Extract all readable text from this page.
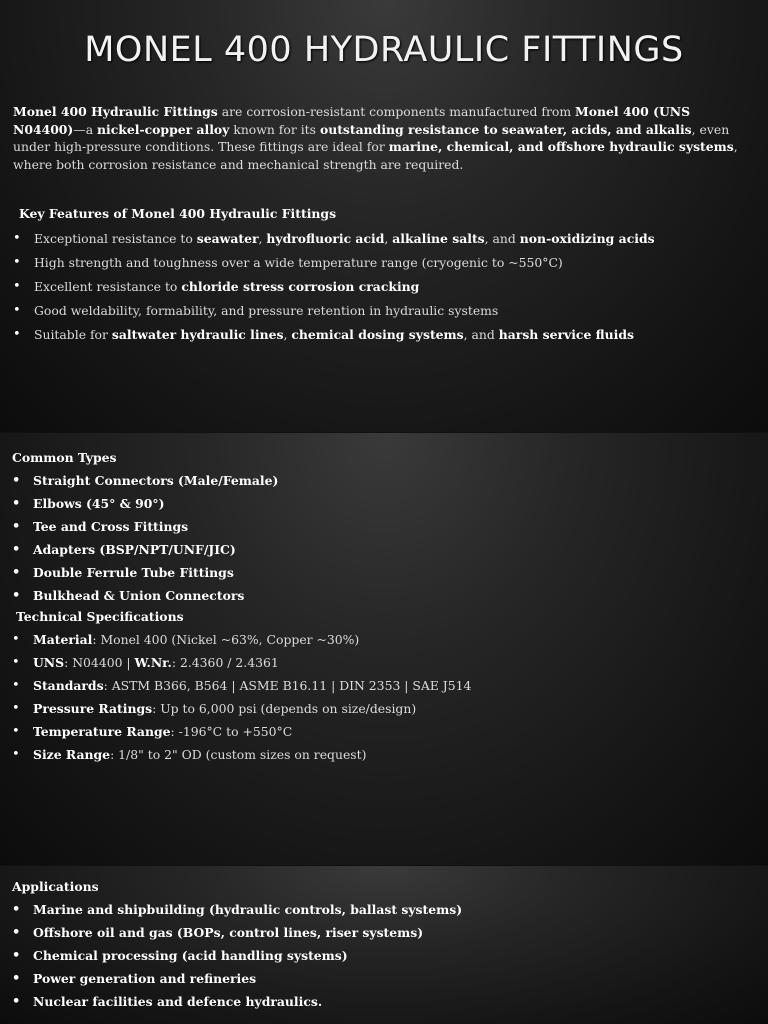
MONEL 400 HYDRAULIC FITTINGS
Monel 400 Hydraulic Fittings are corrosion-resistant components manufactured from Monel 400 (UNS N04400)—a nickel-copper alloy known for its outstanding resistance to seawater, acids, and alkalis, even under high-pressure conditions. These fittings are ideal for marine, chemical, and offshore hydraulic systems, where both corrosion resistance and mechanical strength are required.
Key Features of Monel 400 Hydraulic Fittings
• Exceptional resistance to seawater, hydrofluoric acid, alkaline salts, and non-oxidizing acids
• High strength and toughness over a wide temperature range (cryogenic to ~550°C)
• Excellent resistance to chloride stress corrosion cracking
• Good weldability, formability, and pressure retention in hydraulic systems
• Suitable for saltwater hydraulic lines, chemical dosing systems, and harsh service fluids
Common Types
• Straight Connectors (Male/Female)
• Elbows (45° & 90°)
• Tee and Cross Fittings
• Adapters (BSP/NPT/UNF/JIC)
• Double Ferrule Tube Fittings
• Bulkhead & Union Connectors
Technical Specifications
• Material: Monel 400 (Nickel ~63%, Copper ~30%)
• UNS: N04400 | W.Nr.: 2.4360 / 2.4361
• Standards: ASTM B366, B564 | ASME B16.11 | DIN 2353 | SAE J514
• Pressure Ratings: Up to 6,000 psi (depends on size/design)
• Temperature Range: -196°C to +550°C
• Size Range: 1/8" to 2" OD (custom sizes on request)
Applications
• Marine and shipbuilding (hydraulic controls, ballast systems)
• Offshore oil and gas (BOPs, control lines, riser systems)
• Chemical processing (acid handling systems)
• Power generation and refineries
• Nuclear facilities and defence hydraulics.
